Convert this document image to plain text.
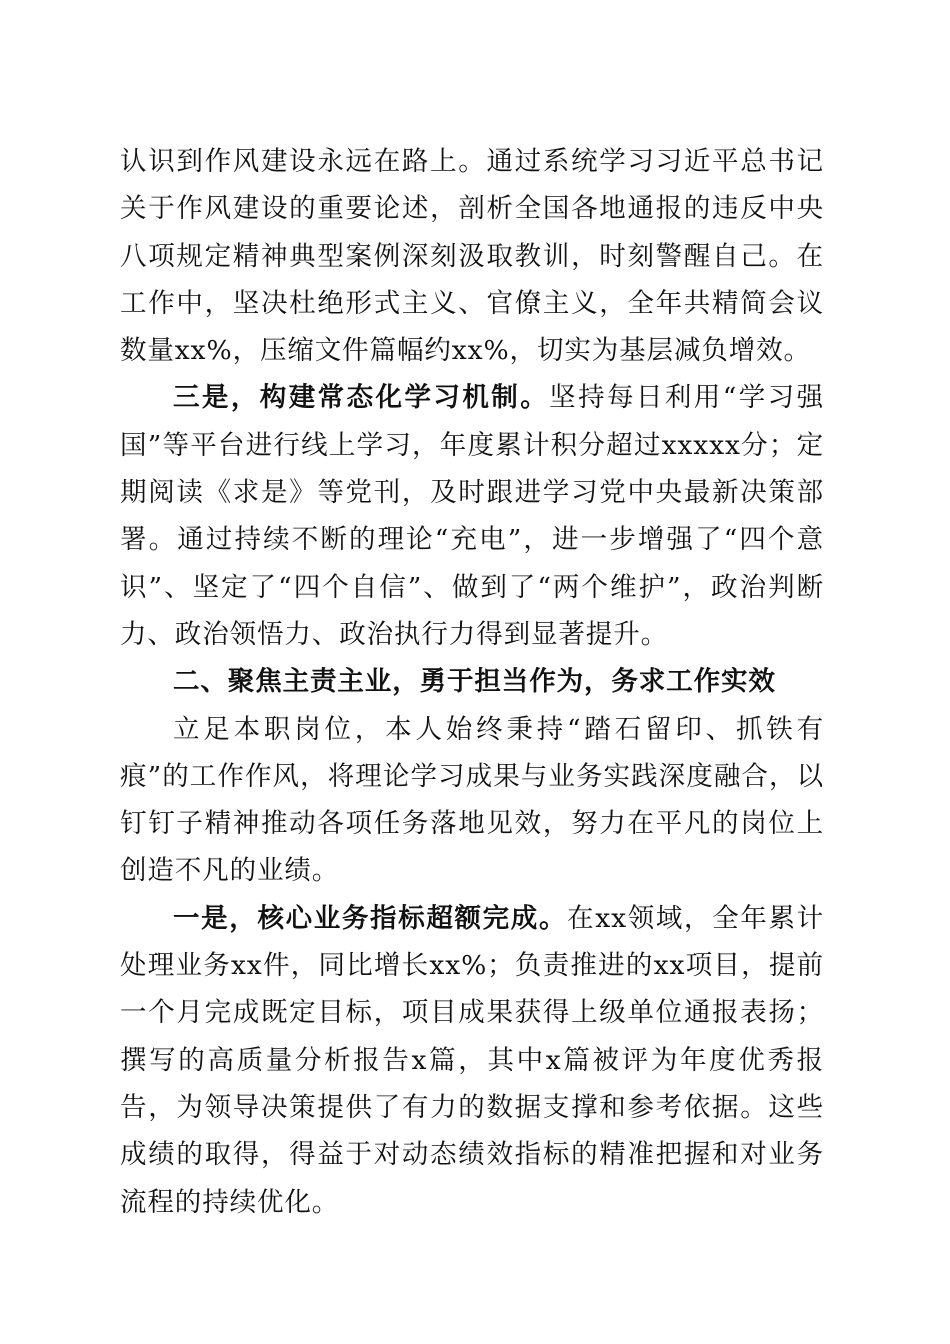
认识到作风建设永远在路上。通过系统学习习近平总书记关于作风建设的重要论述，剖析全国各地通报的违反中央八项规定精神典型案例深刻汲取教训，时刻警醒自己。在工作中，坚决杜绝形式主义、官僚主义，全年共精简会议数量xx%，压缩文件篇幅约xx%，切实为基层减负增效。

三是，构建常态化学习机制。坚持每日利用“学习强国”等平台进行线上学习，年度累计积分超过xxxxx分；定期阅读《求是》等党刊，及时跟进学习党中央最新决策部署。通过持续不断的理论“充电”，进一步增强了“四个意识”、坚定了“四个自信”、做到了“两个维护”，政治判断力、政治领悟力、政治执行力得到显著提升。

二、聚焦主责主业，勇于担当作为，务求工作实效

立足本职岗位，本人始终秉持“踏石留印、抓铁有痕”的工作作风，将理论学习成果与业务实践深度融合，以钉钉子精神推动各项任务落地见效，努力在平凡的岗位上创造不凡的业绩。

一是，核心业务指标超额完成。在xx领域，全年累计处理业务xx件，同比增长xx%；负责推进的xx项目，提前一个月完成既定目标，项目成果获得上级单位通报表扬；撰写的高质量分析报告x篇，其中x篇被评为年度优秀报告，为领导决策提供了有力的数据支撑和参考依据。这些成绩的取得，得益于对动态绩效指标的精准把握和对业务流程的持续优化。
